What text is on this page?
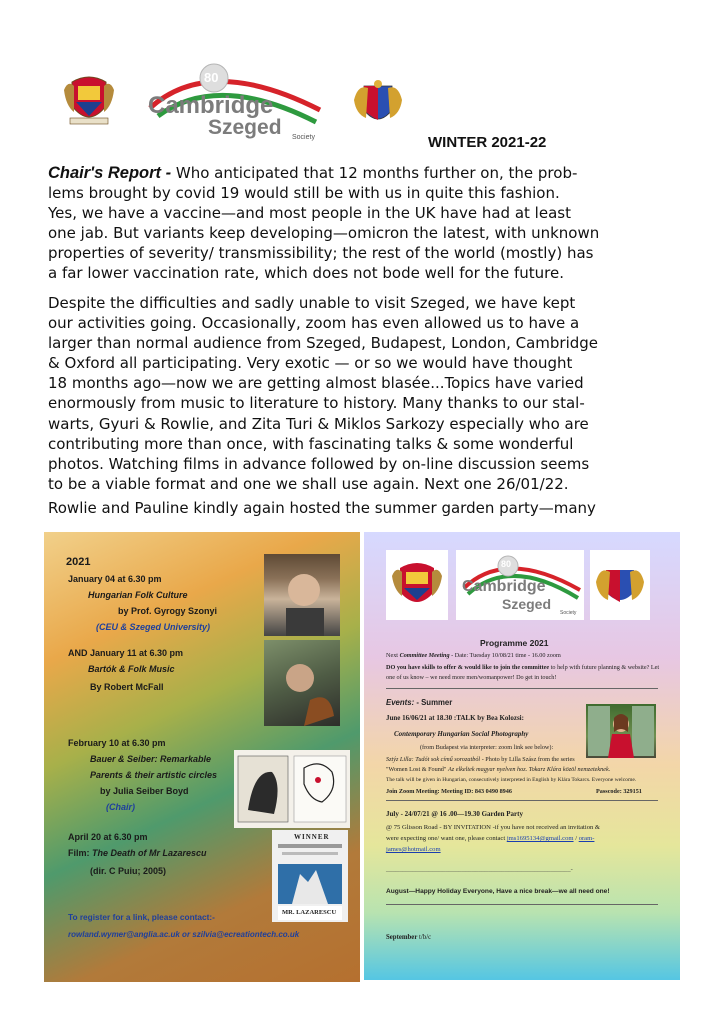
80
Cambridge
Szeged Society	WINTER 2021-22
Chair's Report - Who anticipated that 12 months further on, the prob-
lems brought by covid 19 would still be with us in quite this fashion.
Yes, we have a vaccine—and most people in the UK have had at least
one jab. But variants keep developing—omicron the latest, with unknown
properties of severity/ transmissibility; the rest of the world (mostly) has
a far lower vaccination rate, which does not bode well for the future.
Despite the difficulties and sadly unable to visit Szeged, we have kept
our activities going. Occasionally, zoom has even allowed us to have a
larger than normal audience from Szeged, Budapest, London, Cambridge
& Oxford all participating. Very exotic — or so we would have thought
18 months ago—now we are getting almost blasée...Topics have varied
enormously from music to literature to history. Many thanks to our stal-
warts, Gyuri & Rowlie, and Zita Turi & Miklos Sarkozy especially who are
contributing more than once, with fascinating talks & some wonderful
photos. Watching films in advance followed by on-line discussion seems
to be a viable format and one we shall use again. Next one 26/01/22.
Rowlie and Pauline kindly again hosted the summer garden party—many
2021
January 04 at 6.30 pm
Hungarian Folk Culture
by Prof. Gyrogy Szonyi
(CEU & Szeged University)
AND January 11 at 6.30 pm
Bartók & Folk Music
By Robert McFall
February 10 at 6.30 pm
Bauer & Seiber: Remarkable
Parents & their artistic circles
by Julia Seiber Boyd
(Chair)
April 20 at 6.30 pm
Film: The Death of Mr Lazarescu
(dir. C Puiu; 2005)
To register for a link, please contact:-
rowland.wymer@anglia.ac.uk or szilvia@ecreationtech.co.uk
WINNER
MR. LAZARESCU
80
Cambridge
Szeged
Society
Programme 2021
Next Committee Meeting - Date: Tuesday 10/08/21 time - 16.00 zoom
DO you have skills to offer & would like to join the committee to help with future planning & website? Let
one of us know – we need more men/womanpower! Do get in touch!
Events: - Summer
June 16/06/21 at 18.30 :TALK by Bea Kolozsi:
Contemporary Hungarian Social Photography
(from Budapest via interpreter: zoom link see below):
Sztýz Lilla: Tudót sok című sorozatból - Photo by Lilla Szász from the series
"Women Lost & Found" Az elkeltek magyar nyelven hoz. Tokarz Klára közöl nemzeteknek.
The talk will be given in Hungarian, consecutively interpreted in English by Klára Tokarcs. Everyone welcome.
Join Zoom Meeting: Meeting ID: 843 0490 8946	Passcode: 329151
July - 24/07/21 @ 16 .00—19.30 Garden Party
@ 75 Glisson Road - BY INVITATION -if you have not received an invitation &
were expecting one/ want one, please contact jms1695134@gmail.com / oram-
james@hotmail.com
________________________________________________________-
August—Happy Holiday Everyone, Have a nice break—we all need one!
September t/b/c
